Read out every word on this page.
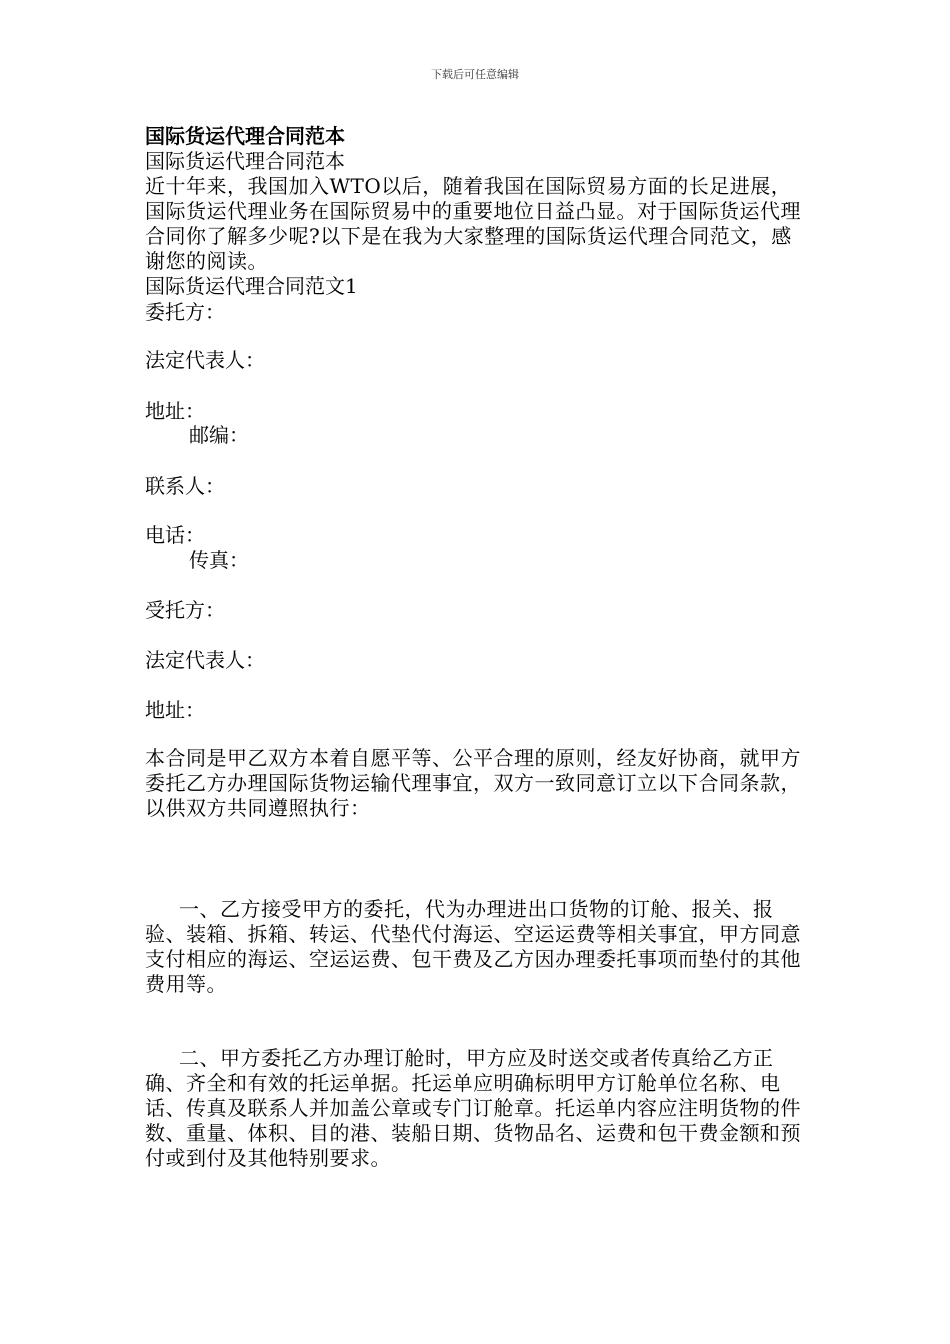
下载后可任意编辑
国际货运代理合同范本
国际货运代理合同范本
近十年来，我国加入WTO以后，随着我国在国际贸易方面的长足进展，国际货运代理业务在国际贸易中的重要地位日益凸显。对于国际货运代理合同你了解多少呢?以下是在我为大家整理的国际货运代理合同范文，感谢您的阅读。
国际货运代理合同范文1
委托方：
法定代表人：
地址：
邮编：
联系人：
电话：
传真：
受托方：
法定代表人：
地址：
本合同是甲乙双方本着自愿平等、公平合理的原则，经友好协商，就甲方委托乙方办理国际货物运输代理事宜，双方一致同意订立以下合同条款，以供双方共同遵照执行：
一、乙方接受甲方的委托，代为办理进出口货物的订舱、报关、报验、装箱、拆箱、转运、代垫代付海运、空运运费等相关事宜，甲方同意支付相应的海运、空运运费、包干费及乙方因办理委托事项而垫付的其他费用等。
二、甲方委托乙方办理订舱时，甲方应及时送交或者传真给乙方正确、齐全和有效的托运单据。托运单应明确标明甲方订舱单位名称、电话、传真及联系人并加盖公章或专门订舱章。托运单内容应注明货物的件数、重量、体积、目的港、装船日期、货物品名、运费和包干费金额和预付或到付及其他特别要求。
